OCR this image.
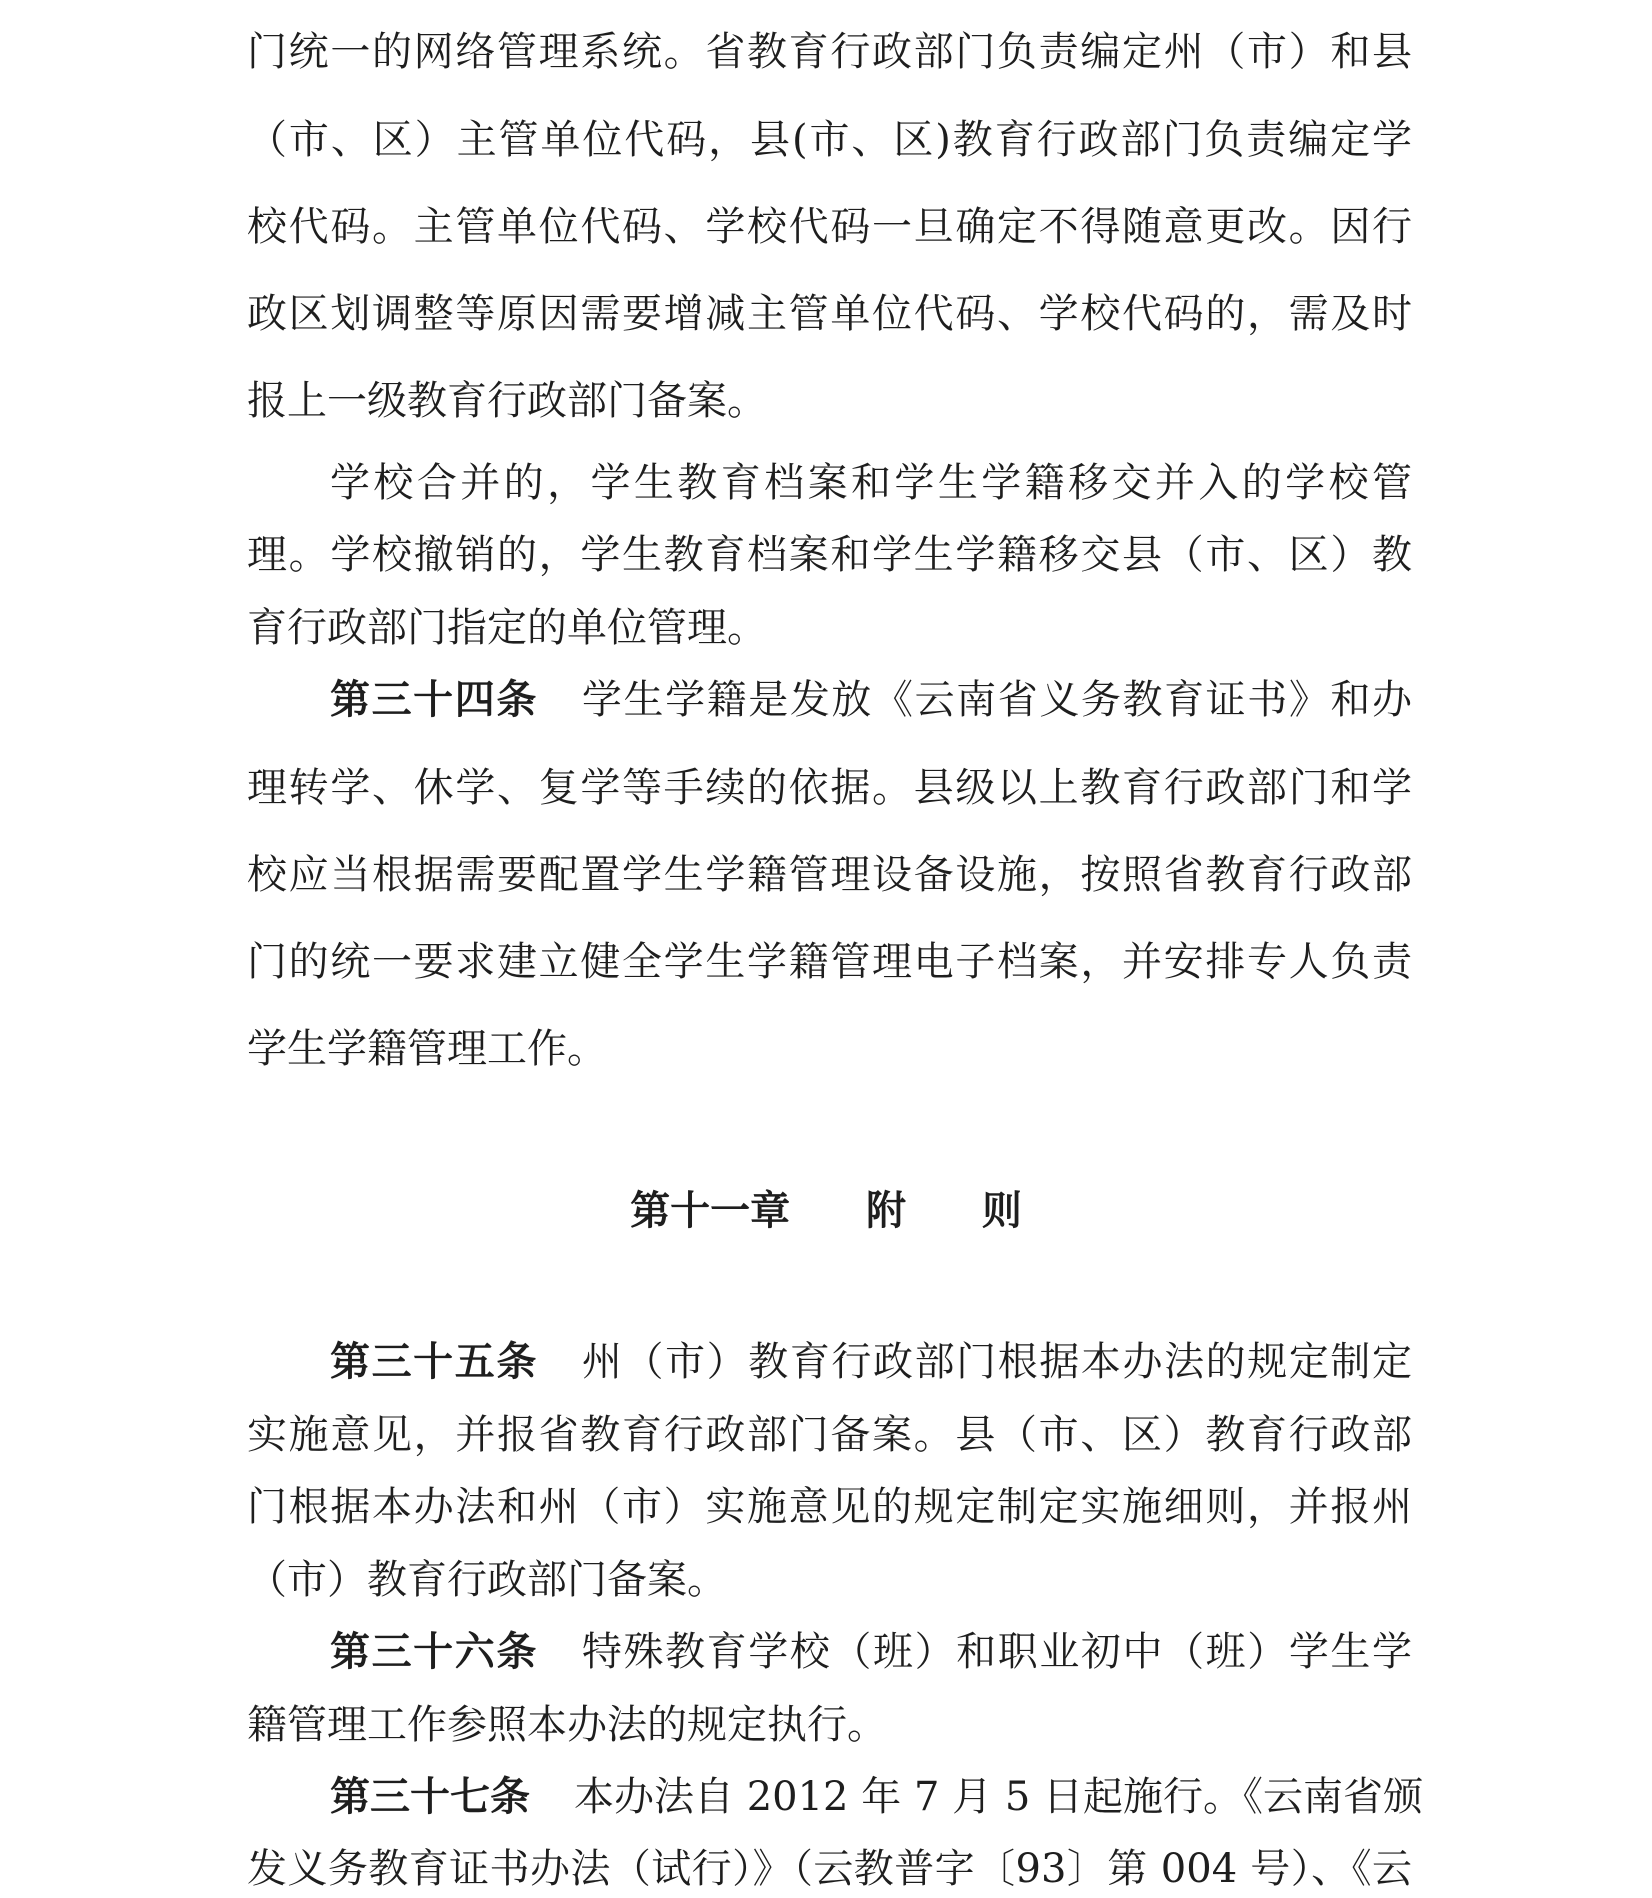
门统一的网络管理系统。省教育行政部门负责编定州（市）和县
（市、区）主管单位代码，县(市、区)教育行政部门负责编定学
校代码。主管单位代码、学校代码一旦确定不得随意更改。因行
政区划调整等原因需要增减主管单位代码、学校代码的，需及时
报上一级教育行政部门备案。
学校合并的，学生教育档案和学生学籍移交并入的学校管
理。学校撤销的，学生教育档案和学生学籍移交县（市、区）教
育行政部门指定的单位管理。
第三十四条 学生学籍是发放《云南省义务教育证书》和办
理转学、休学、复学等手续的依据。县级以上教育行政部门和学
校应当根据需要配置学生学籍管理设备设施，按照省教育行政部
门的统一要求建立健全学生学籍管理电子档案，并安排专人负责
学生学籍管理工作。
第十一章  附  则
第三十五条 州（市）教育行政部门根据本办法的规定制定
实施意见，并报省教育行政部门备案。县（市、区）教育行政部
门根据本办法和州（市）实施意见的规定制定实施细则，并报州
（市）教育行政部门备案。
第三十六条 特殊教育学校（班）和职业初中（班）学生学
籍管理工作参照本办法的规定执行。
第三十七条 本办法自 2012 年 7 月 5 日起施行。《云南省颁
发义务教育证书办法（试行）》（云教普字〔93〕第 004 号）、《云
